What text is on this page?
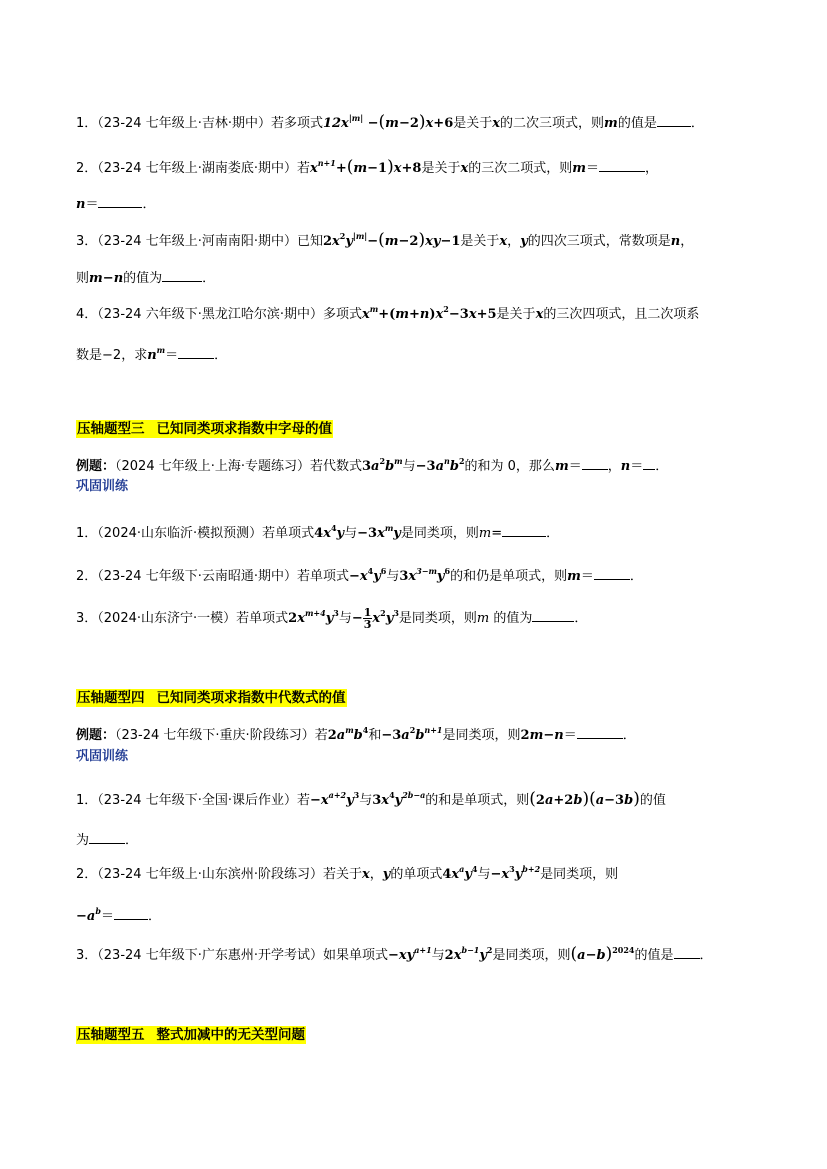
1．（23-24 七年级上·吉林·期中）若多项式$12x^{|m|} -(m-2)x+6$是关于x的二次三项式，则m的值是	．
2．（23-24 七年级上·湖南娄底·期中）若$x^{n+1}+(m-1)x+8$是关于x的三次二项式，则m＝	，
n＝	．
3．（23-24 七年级上·河南南阳·期中）已知$2x^2y^{|m|}-(m-2)xy-1$是关于x，y的四次三项式，常数项是n，
则m−n的值为	．
4．（23-24 六年级下·黑龙江哈尔滨·期中）多项式$x^m+(m+n)x^2-3x+5$是关于x的三次四项式，且二次项系
数是−2，求$n^m=$	．
压轴题型三 已知同类项求指数中字母的值
例题：（2024 七年级上·上海·专题练习）若代数式$3a^2b^m$与$-3a^nb^2$的和为 0，那么m＝ ，n＝ ．
巩固训练
1．（2024·山东临沂·模拟预测）若单项式$4x^4y$与$-3x^my$是同类项，则m=	．
2．（23-24 七年级下·云南昭通·期中）若单项式$-x^4y^6$与$3x^{3-m}y^6$的和仍是单项式，则m＝	．
3．（2024·山东济宁·一模）若单项式$2x^{m+4}y^3$与− $\frac{1}{3} x^2y^3$是同类项，则m 的值为	．
压轴题型四 已知同类项求指数中代数式的值
例题：（23-24 七年级下·重庆·阶段练习）若$2a^mb^4$和$-3a^2b^{n+1}$是同类项，则2m−n＝	．
巩固训练
1．（23-24 七年级下·全国·课后作业）若$-x^{a+2}y^3$与$3x^4y^{2b-a}$的和是单项式，则(2a+2b)(a−3b)的值
为	．
2．（23-24 七年级上·山东滨州·阶段练习）若关于x，y的单项式$4x^ay^4$与$-x^3y^{b+2}$是同类项，则
$-a^b=$	．
3．（23-24 七年级下·广东惠州·开学考试）如果单项式$-xy^{a+1}$与$2x^{b-1}y^2$是同类项，则$(a-b)^{2024}$的值是 ．
压轴题型五 整式加减中的无关型问题
